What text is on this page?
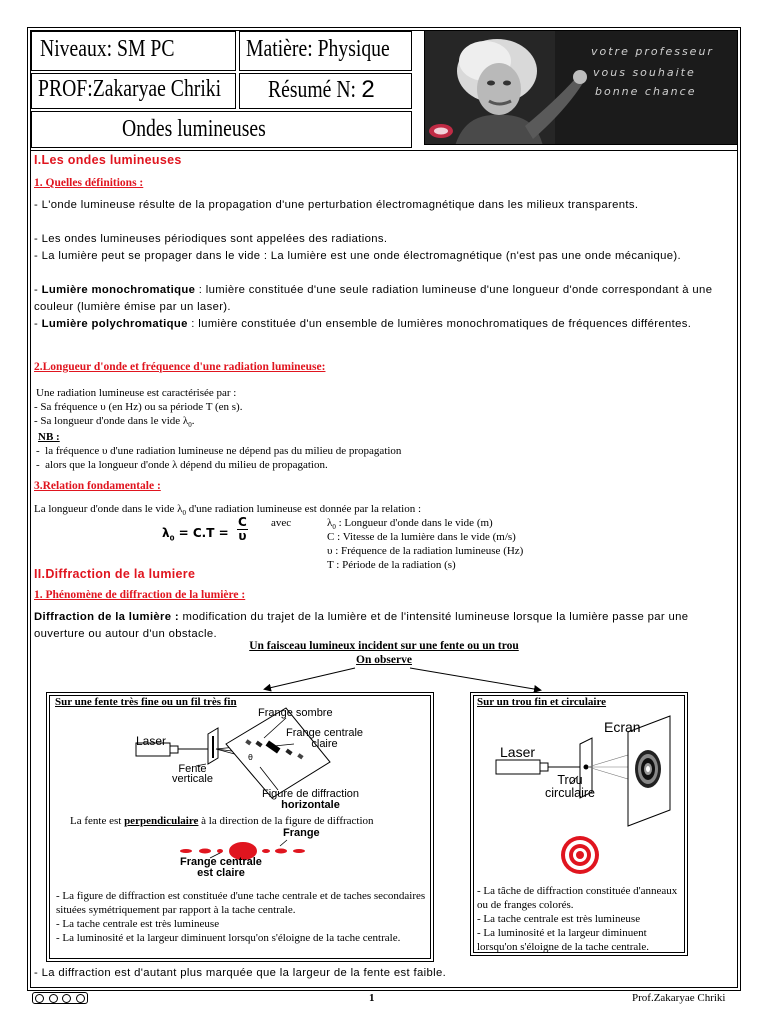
Niveaux: SM PC	Matière: Physique
PROF:Zakaryae Chriki Résumé N: 2
Ondes lumineuses
votre professeur
vous souhaite
bonne chance
I.Les ondes lumineuses
1. Quelles définitions :
- L'onde lumineuse résulte de la propagation d'une perturbation électromagnétique dans les milieux transparents.
- Les ondes lumineuses périodiques sont appelées des radiations.
- La lumière peut se propager dans le vide : La lumière est une onde électromagnétique (n'est pas une onde mécanique).
- Lumière monochromatique : lumière constituée d'une seule radiation lumineuse d'une longueur d'onde correspondant à une couleur (lumière émise par un laser).
- Lumière polychromatique : lumière constituée d'un ensemble de lumières monochromatiques de fréquences différentes.
2.Longueur d'onde et fréquence d'une radiation lumineuse:
Une radiation lumineuse est caractérisée par :
- Sa fréquence υ (en Hz) ou sa période T (en s).
- Sa longueur d'onde dans le vide $\lambda_0$.
NB :
-  la fréquence υ d'une radiation lumineuse ne dépend pas du milieu de propagation
-  alors que la longueur d'onde λ dépend du milieu de propagation.
3.Relation fondamentale :
La longueur d'onde dans le vide $\lambda_0$ d'une radiation lumineuse est donnée par la relation :
$\lambda_0 = C.T = \frac{C}{\upsilon}$ avec	$\lambda_0$ : Longueur d'onde dans le vide (m)
C : Vitesse de la lumière dans le vide (m/s)
υ : Fréquence de la radiation lumineuse (Hz)
T : Période de la radiation (s)
II.Diffraction de la lumiere
1. Phénomène de diffraction de la lumière :
Diffraction de la lumière : modification du trajet de la lumière et de l'intensité lumineuse lorsque la lumière passe par une ouverture ou autour d'un obstacle.
Un faisceau lumineux incident sur une fente ou un trou
On observe
Sur une fente très fine ou un fil très fin
Laser
Frange sombre
Frange centrale
claire
Fente
verticale
θ
Figure de diffraction
horizontale
La fente est perpendiculaire à la direction de la figure de diffraction
Frange
Frange centrale
est claire
- La figure de diffraction est constituée d'une tache centrale et de taches secondaires situées symétriquement par rapport à la tache centrale.
- La tache centrale est très lumineuse
- La luminosité et la largeur diminuent lorsqu'on s'éloigne de la tache centrale.
Sur un trou fin et circulaire
Ecran
Laser
Trou
circulaire
- La tâche de diffraction constituée d'anneaux ou de franges colorés.
- La tache centrale est très lumineuse
- La luminosité et la largeur diminuent lorsqu'on s'éloigne de la tache centrale.
- La diffraction est d'autant plus marquée que la largeur de la fente est faible.
1	Prof.Zakaryae Chriki
